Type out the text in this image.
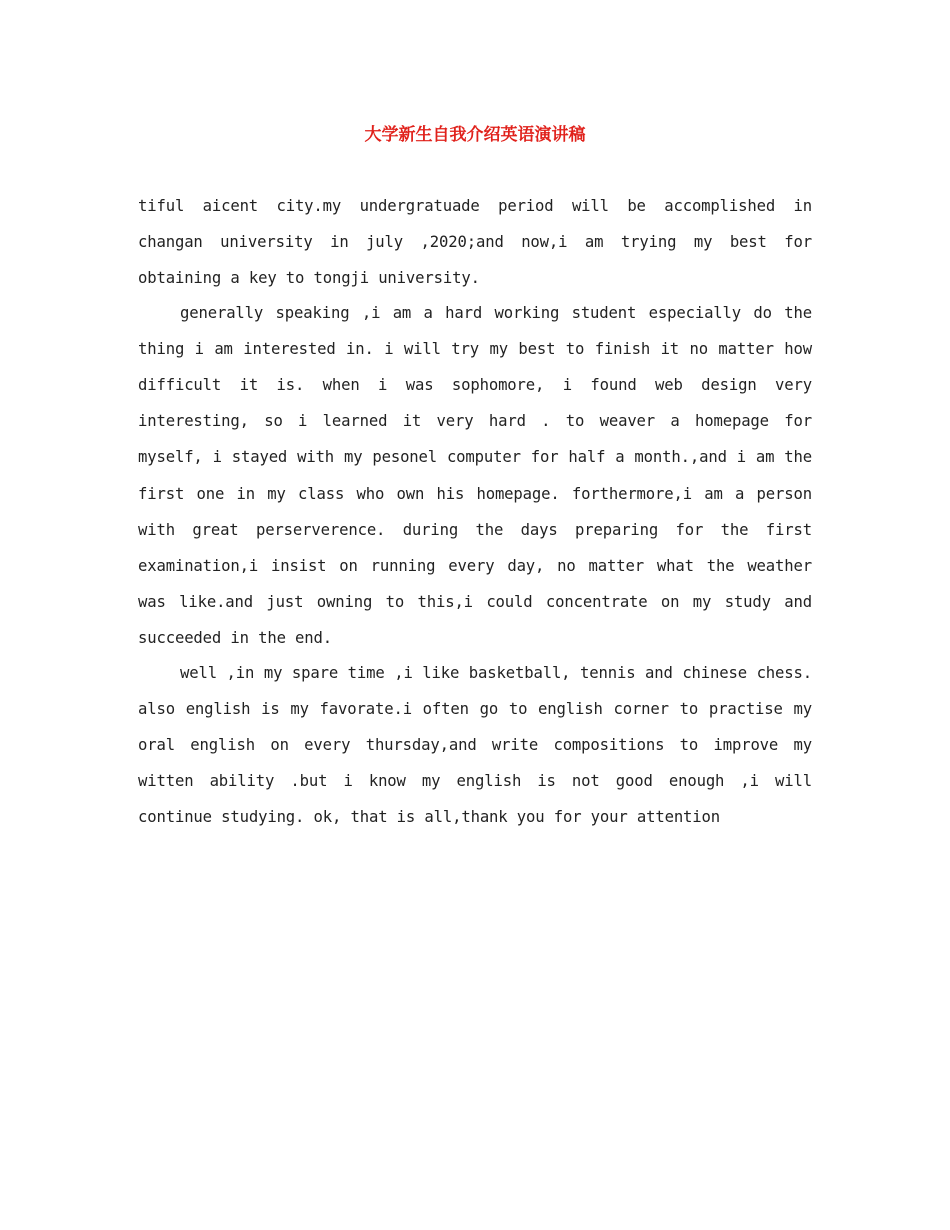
大学新生自我介绍英语演讲稿

tiful aicent city.my undergratuade period will be accomplished in changan university in july ,2020;and now,i am trying my best for obtaining a key to tongji university.

generally speaking ,i am a hard working student especially do the thing i am interested in. i will try my best to finish it no matter how difficult it is. when i was sophomore, i found web design very interesting, so i learned it very hard . to weaver a homepage for myself, i stayed with my pesonel computer for half a month.,and i am the first one in my class who own his homepage. forthermore,i am a person with great perserverence. during the days preparing for the first examination,i insist on running every day, no matter what the weather was like.and just owning to this,i could concentrate on my study and succeeded in the end.

well ,in my spare time ,i like basketball, tennis and chinese chess. also english is my favorate.i often go to english corner to practise my oral english on every thursday,and write compositions to improve my witten ability .but i know my english is not good enough ,i will continue studying. ok, that is all,thank you for your attention
